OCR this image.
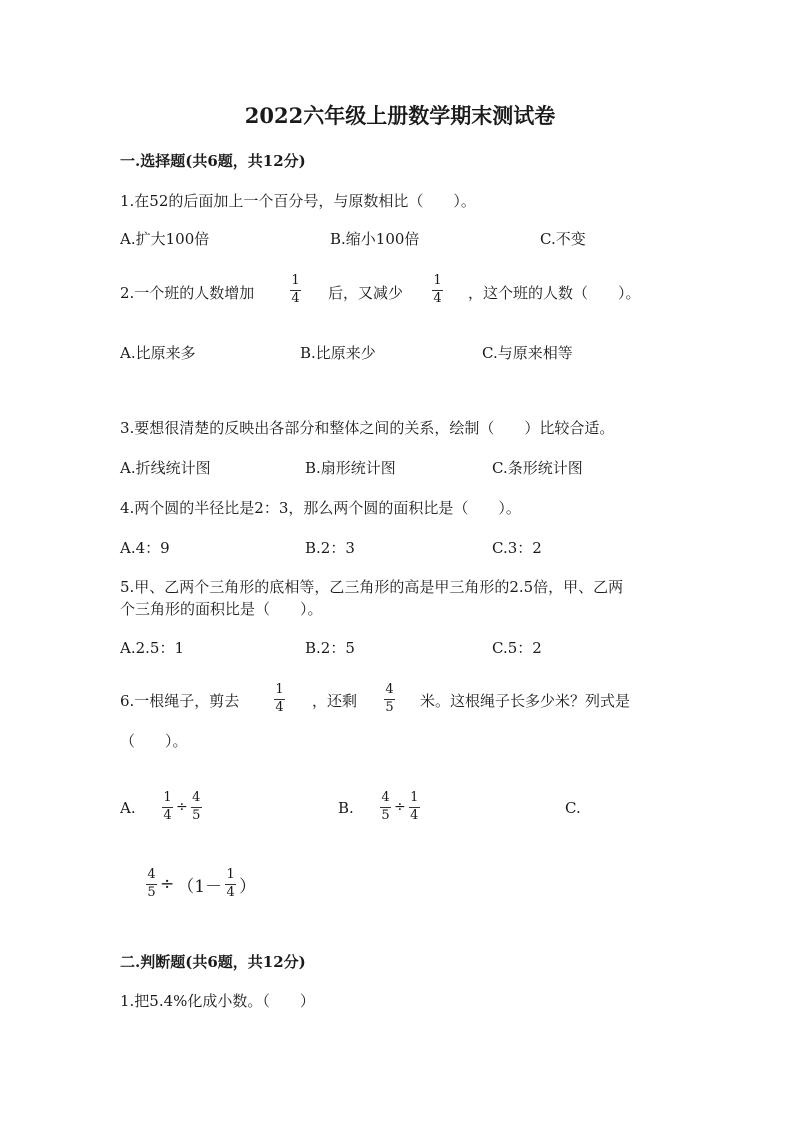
2022六年级上册数学期末测试卷
一.选择题(共6题，共12分)
1.在52的后面加上一个百分号，与原数相比（　　）。
A.扩大100倍	B.缩小100倍	C.不变
2.一个班的人数增加
1
4 后，又减少
1
4 ，这个班的人数（　　）。
A.比原来多	B.比原来少	C.与原来相等
3.要想很清楚的反映出各部分和整体之间的关系，绘制（　　）比较合适。
A.折线统计图	B.扇形统计图	C.条形统计图
4.两个圆的半径比是2：3，那么两个圆的面积比是（　　）。
A.4：9	B.2：3	C.3：2
5.甲、乙两个三角形的底相等，乙三角形的高是甲三角形的2.5倍，甲、乙两
个三角形的面积比是（　　）。
A.2.5：1	B.2：5	C.5：2
6.一根绳子，剪去
1
4 ，还剩
4
5 米。这根绳子长多少米？列式是
（　　）。
A. $\frac{1}{4} \div \frac{4}{5}$	B. $\frac{4}{5} \div \frac{1}{4}$	C.
$\frac{4}{5} \div (1- \frac{1}{4}$ ）
二.判断题(共6题，共12分)
1.把5.4%化成小数。（　　）
